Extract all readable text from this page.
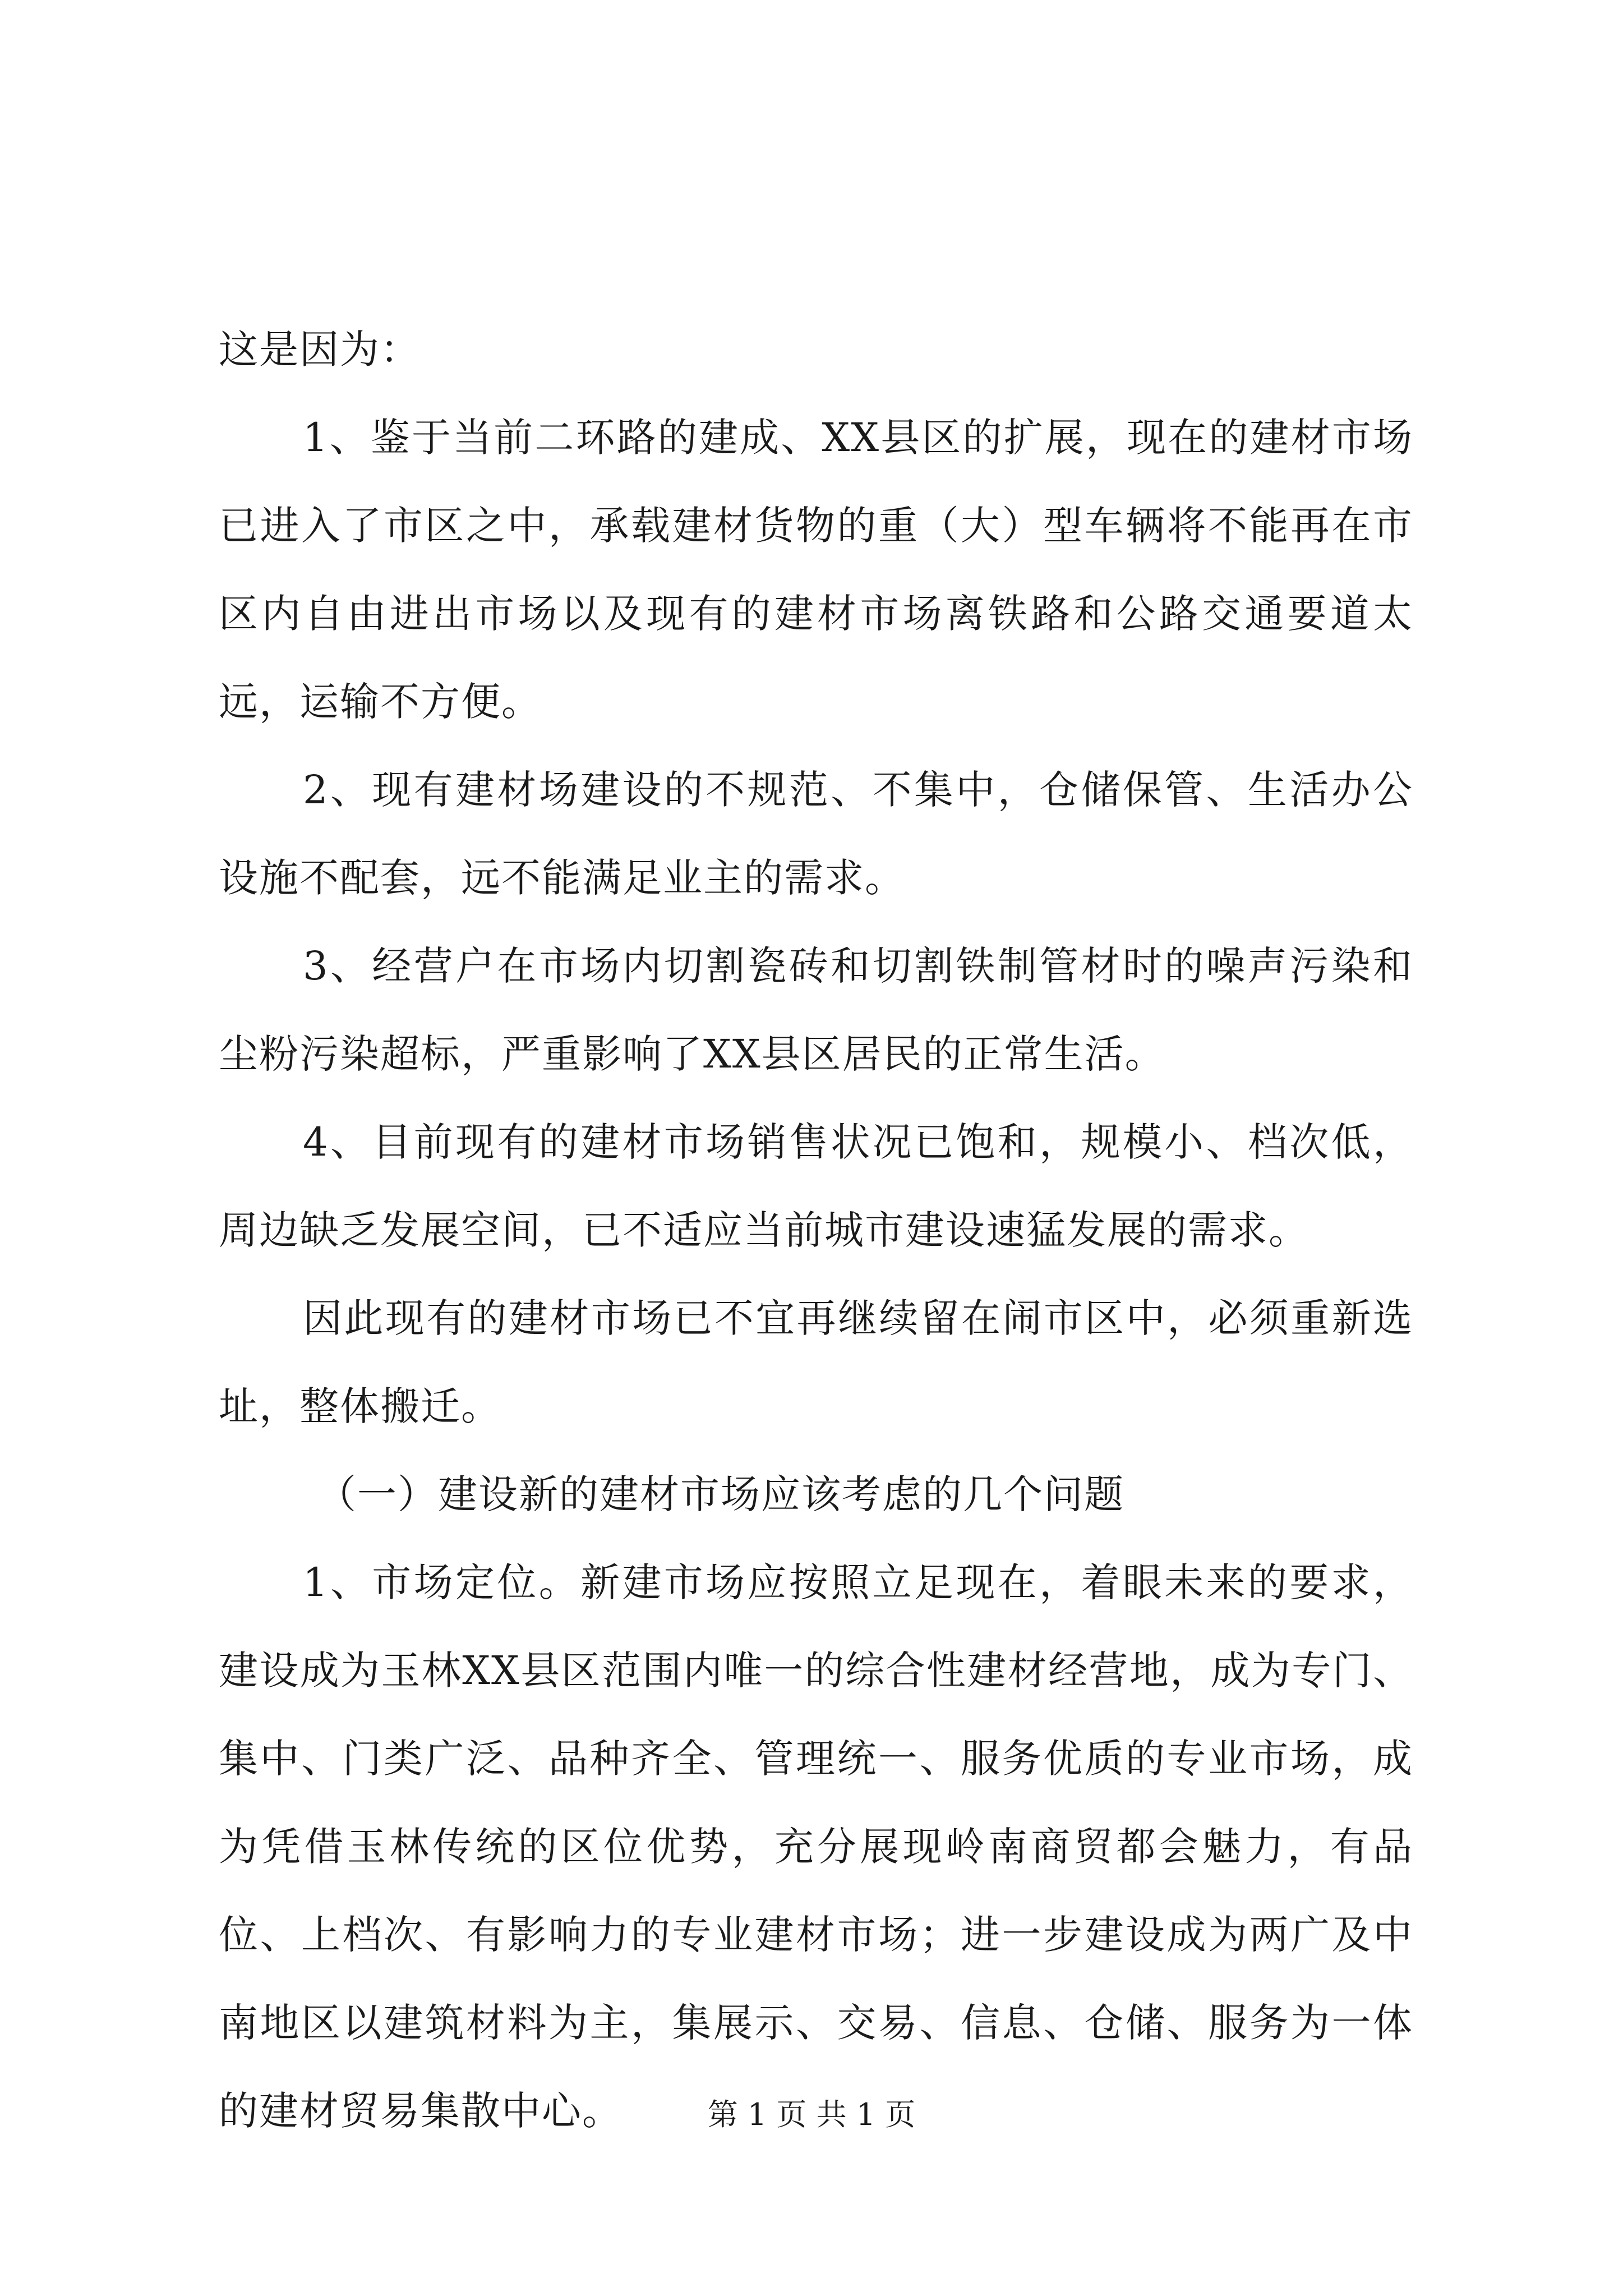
这是因为：

1、鉴于当前二环路的建成、XX县区的扩展，现在的建材市场已进入了市区之中，承载建材货物的重（大）型车辆将不能再在市区内自由进出市场以及现有的建材市场离铁路和公路交通要道太远，运输不方便。

2、现有建材场建设的不规范、不集中，仓储保管、生活办公设施不配套，远不能满足业主的需求。

3、经营户在市场内切割瓷砖和切割铁制管材时的噪声污染和尘粉污染超标，严重影响了XX县区居民的正常生活。

4、目前现有的建材市场销售状况已饱和，规模小、档次低，周边缺乏发展空间，已不适应当前城市建设速猛发展的需求。

因此现有的建材市场已不宜再继续留在闹市区中，必须重新选址，整体搬迁。

（一）建设新的建材市场应该考虑的几个问题

1、市场定位。新建市场应按照立足现在，着眼未来的要求，建设成为玉林XX县区范围内唯一的综合性建材经营地，成为专门、集中、门类广泛、品种齐全、管理统一、服务优质的专业市场，成为凭借玉林传统的区位优势，充分展现岭南商贸都会魅力，有品位、上档次、有影响力的专业建材市场；进一步建设成为两广及中南地区以建筑材料为主，集展示、交易、信息、仓储、服务为一体的建材贸易集散中心。	第 1 页 共 1 页
